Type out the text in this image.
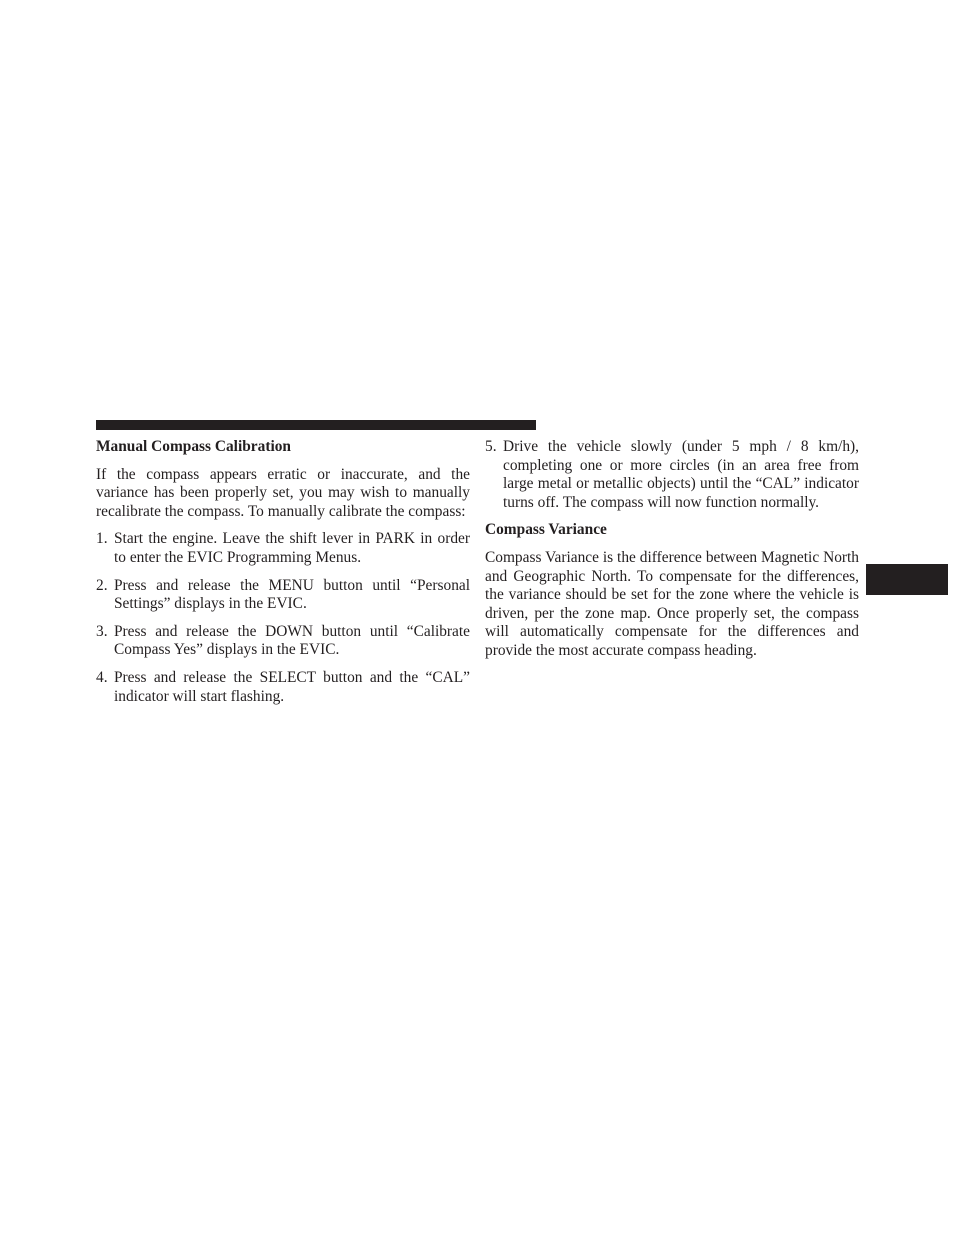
Manual Compass Calibration
If the compass appears erratic or inaccurate, and the variance has been properly set, you may wish to manually recalibrate the compass. To manually calibrate the compass:
1. Start the engine. Leave the shift lever in PARK in order to enter the EVIC Programming Menus.
2. Press and release the MENU button until “Personal Settings” displays in the EVIC.
3. Press and release the DOWN button until “Calibrate Compass Yes” displays in the EVIC.
4. Press and release the SELECT button and the “CAL” indicator will start flashing.
5. Drive the vehicle slowly (under 5 mph / 8 km/h), completing one or more circles (in an area free from large metal or metallic objects) until the “CAL” indicator turns off. The compass will now function normally.
Compass Variance
Compass Variance is the difference between Magnetic North and Geographic North. To compensate for the differences, the variance should be set for the zone where the vehicle is driven, per the zone map. Once properly set, the compass will automatically compensate for the differences and provide the most accurate compass heading.
